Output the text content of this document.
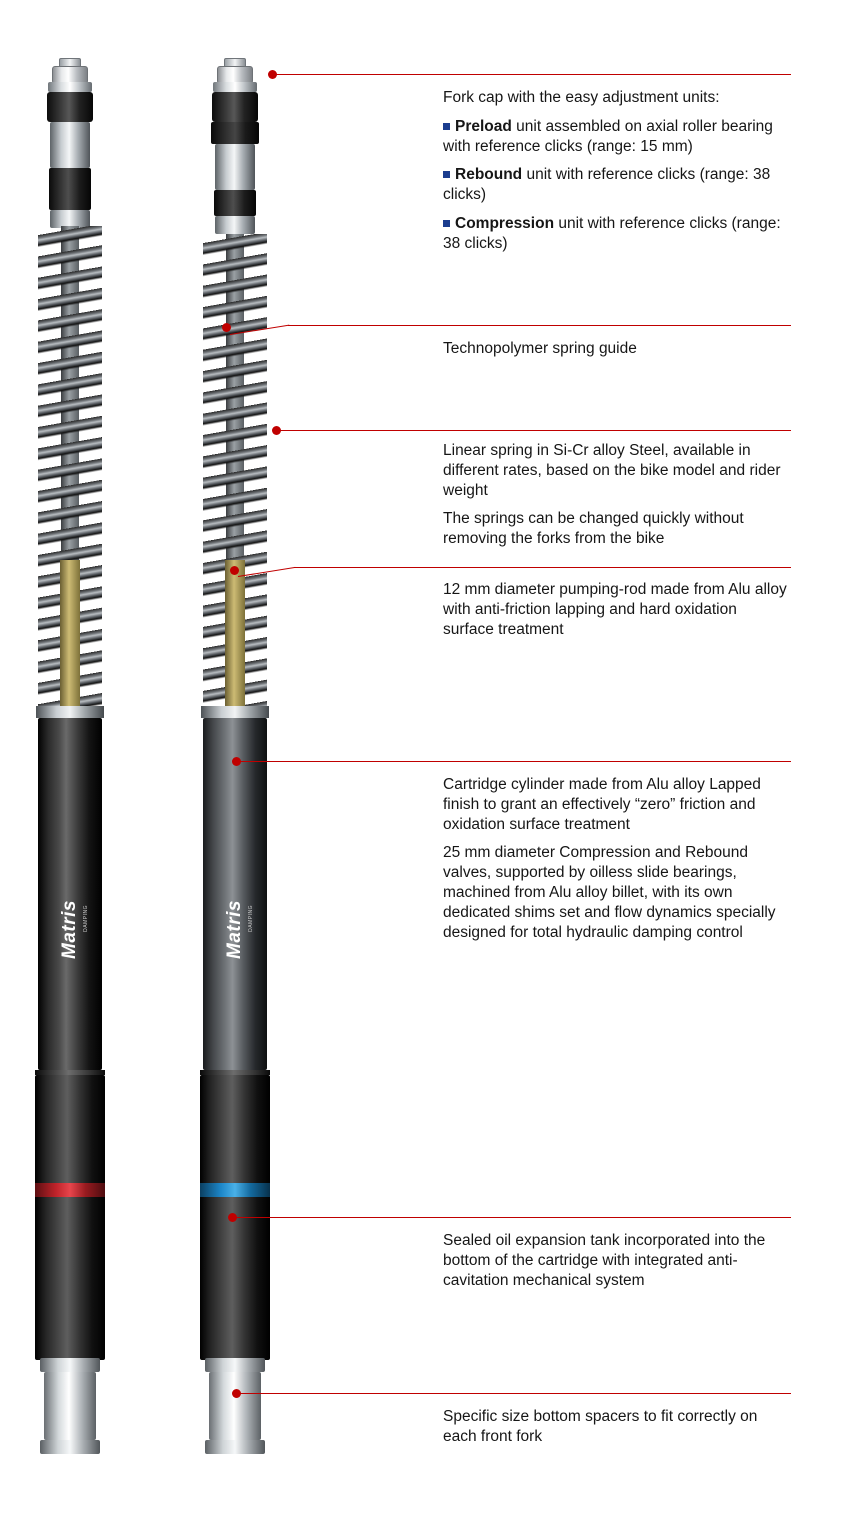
Matris DAMPING	Matris DAMPING

Fork cap with the easy adjustment units:

Preload unit assembled on axial roller bearing with reference clicks (range: 15 mm)

Rebound unit with reference clicks (range: 38 clicks)

Compression unit with reference clicks (range: 38 clicks)

Technopolymer spring guide

Linear spring in Si-Cr alloy Steel, available in different rates, based on the bike model and rider weight

The springs can be changed quickly without removing the forks from the bike

12 mm diameter pumping-rod made from Alu alloy with anti-friction lapping and hard oxidation surface treatment

Cartridge cylinder made from Alu alloy Lapped finish to grant an effectively “zero” friction and oxidation surface treatment

25 mm diameter Compression and Rebound valves, supported by oilless slide bearings, machined from Alu alloy billet, with its own dedicated shims set and flow dynamics specially designed for total hydraulic damping control

Sealed oil expansion tank incorporated into the bottom of the cartridge with integrated anti-cavitation mechanical system

Specific size bottom spacers to fit correctly on each front fork
